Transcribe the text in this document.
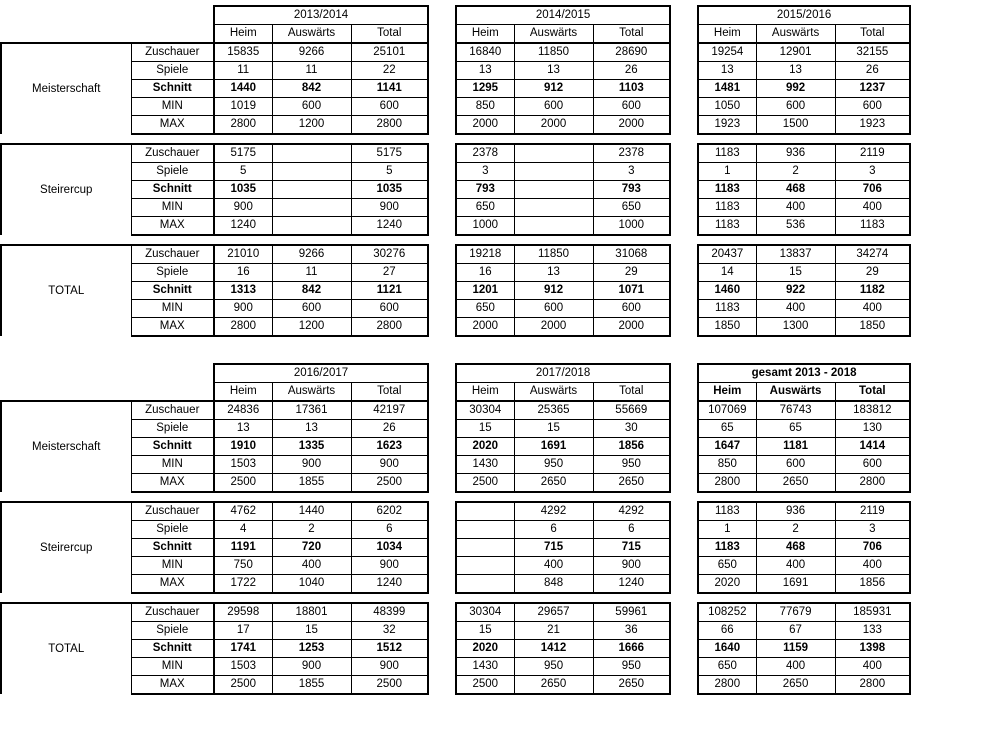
		2013/2014				2014/2015				2015/2016		
		Heim	Auswärts	Total		Heim	Auswärts	Total		Heim	Auswärts	Total
Meisterschaft	Zuschauer	15835	9266	25101		16840	11850	28690		19254	12901	32155
	Spiele	11	11	22		13	13	26		13	13	26
	Schnitt	1440	842	1141		1295	912	1103		1481	992	1237
	MIN	1019	600	600		850	600	600		1050	600	600
	MAX	2800	1200	2800		2000	2000	2000		1923	1500	1923

Steirercup	Zuschauer	5175		5175		2378		2378		1183	936	2119
	Spiele	5		5		3		3		1	2	3
	Schnitt	1035		1035		793		793		1183	468	706
	MIN	900		900		650		650		1183	400	400
	MAX	1240		1240		1000		1000		1183	536	1183

TOTAL	Zuschauer	21010	9266	30276		19218	11850	31068		20437	13837	34274
	Spiele	16	11	27		16	13	29		14	15	29
	Schnitt	1313	842	1121		1201	912	1071		1460	922	1182
	MIN	900	600	600		650	600	600		1183	400	400
	MAX	2800	1200	2800		2000	2000	2000		1850	1300	1850
		2016/2017				2017/2018				gesamt 2013 - 2018		
		Heim	Auswärts	Total		Heim	Auswärts	Total		Heim	Auswärts	Total
Meisterschaft	Zuschauer	24836	17361	42197		30304	25365	55669		107069	76743	183812
	Spiele	13	13	26		15	15	30		65	65	130
	Schnitt	1910	1335	1623		2020	1691	1856		1647	1181	1414
	MIN	1503	900	900		1430	950	950		850	600	600
	MAX	2500	1855	2500		2500	2650	2650		2800	2650	2800

Steirercup	Zuschauer	4762	1440	6202			4292	4292		1183	936	2119
	Spiele	4	2	6			6	6		1	2	3
	Schnitt	1191	720	1034			715	715		1183	468	706
	MIN	750	400	900			400	900		650	400	400
	MAX	1722	1040	1240			848	1240		2020	1691	1856

TOTAL	Zuschauer	29598	18801	48399		30304	29657	59961		108252	77679	185931
	Spiele	17	15	32		15	21	36		66	67	133
	Schnitt	1741	1253	1512		2020	1412	1666		1640	1159	1398
	MIN	1503	900	900		1430	950	950		650	400	400
	MAX	2500	1855	2500		2500	2650	2650		2800	2650	2800
